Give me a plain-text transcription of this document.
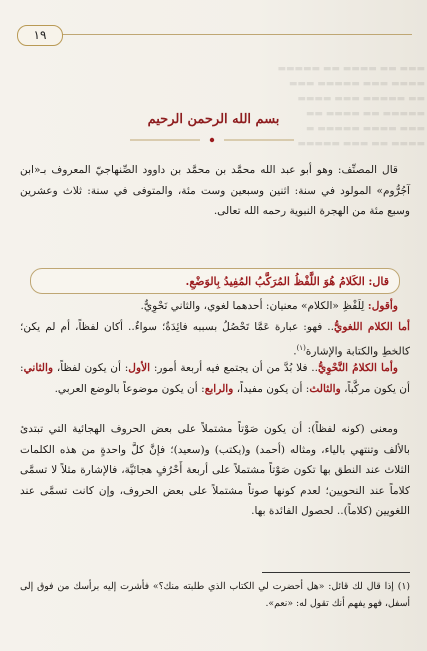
▬▬▬ ▬▬ ▬▬▬▬ ▬▬ ▬▬▬▬▬
▬▬▬▬ ▬▬▬ ▬▬▬▬▬ ▬▬▬
▬▬ ▬▬▬▬▬ ▬▬▬ ▬▬▬▬
▬▬▬▬▬ ▬▬ ▬▬▬▬ ▬▬
▬▬▬ ▬▬▬▬ ▬▬▬▬▬ ▬
▬▬▬▬ ▬▬ ▬▬▬ ▬▬▬▬▬
١٩
بسم الله الرحمن الرحيم
قال المصنِّف: وهو أبو عبد الله محمَّد بن محمَّد بن داوود الصِّنهاجيّ المعروف بـ«ابن آجُرُّوم» المولود في سنة: اثنين وسبعين وست مئة، والمتوفى في سنة: ثلاث وعشرين وسبع مئة من الهجرة النبوية رحمه الله تعالى.
قال: الكَلامُ هُوَ اللَّفْظُ المُرَكَّبُ المُفِيدُ بِالوَضْعِ.
وأقول: لِلَفْظِ «الكلام» معنيان: أحدهما لغوي، والثاني نَحْوِيٌّ.
أما الكلام اللغويُّ.. فهو: عبارة عَمَّا تَحْصُلُ بسببه فائِدَةٌ؛ سواءٌ.. أكان لفظاً، أم لم يكن؛ كالخطِ والكتابة والإشارة$^{(١)}$.
وأما الكلامُ النَّحْوِيُّ.. فلا بُدَّ من أن يجتمع فيه أربعة أمور: الأول: أن يكون لفظاً، والثاني: أن يكون مركَّباً، والثالث: أن يكون مفيداً، والرابع: أن يكون موضوعاً بالوضع العربي.
ومعنى (كونه لفظاً): أن يكون صَوْتاً مشتملاً على بعض الحروف الهجائية التي تبتدئ بالألف وتنتهي بالياء، ومثاله (أحمد) و(يكتب) و(سعيد)؛ فإنَّ كلَّ واحدةٍ من هذه الكلمات الثلاث عند النطق بها تكون صَوْتاً مشتملاً على أربعة أَحْرُفٍ هجائيَّة، فالإشارة مثلاً لا تسمَّى كلاماً عند النحويين؛ لعدم كونها صوتاً مشتملاً على بعض الحروف، وإن كانت تسمَّى عند اللغويين (كلاماً).. لحصول الفائدة بها.
(١) إذا قال لك قائل: «هل أحضرت لي الكتاب الذي طلبته منك؟» فأشرت إليه برأسك من فوق إلى أسفل، فهو يفهم أنك تقول له: «نعم».
